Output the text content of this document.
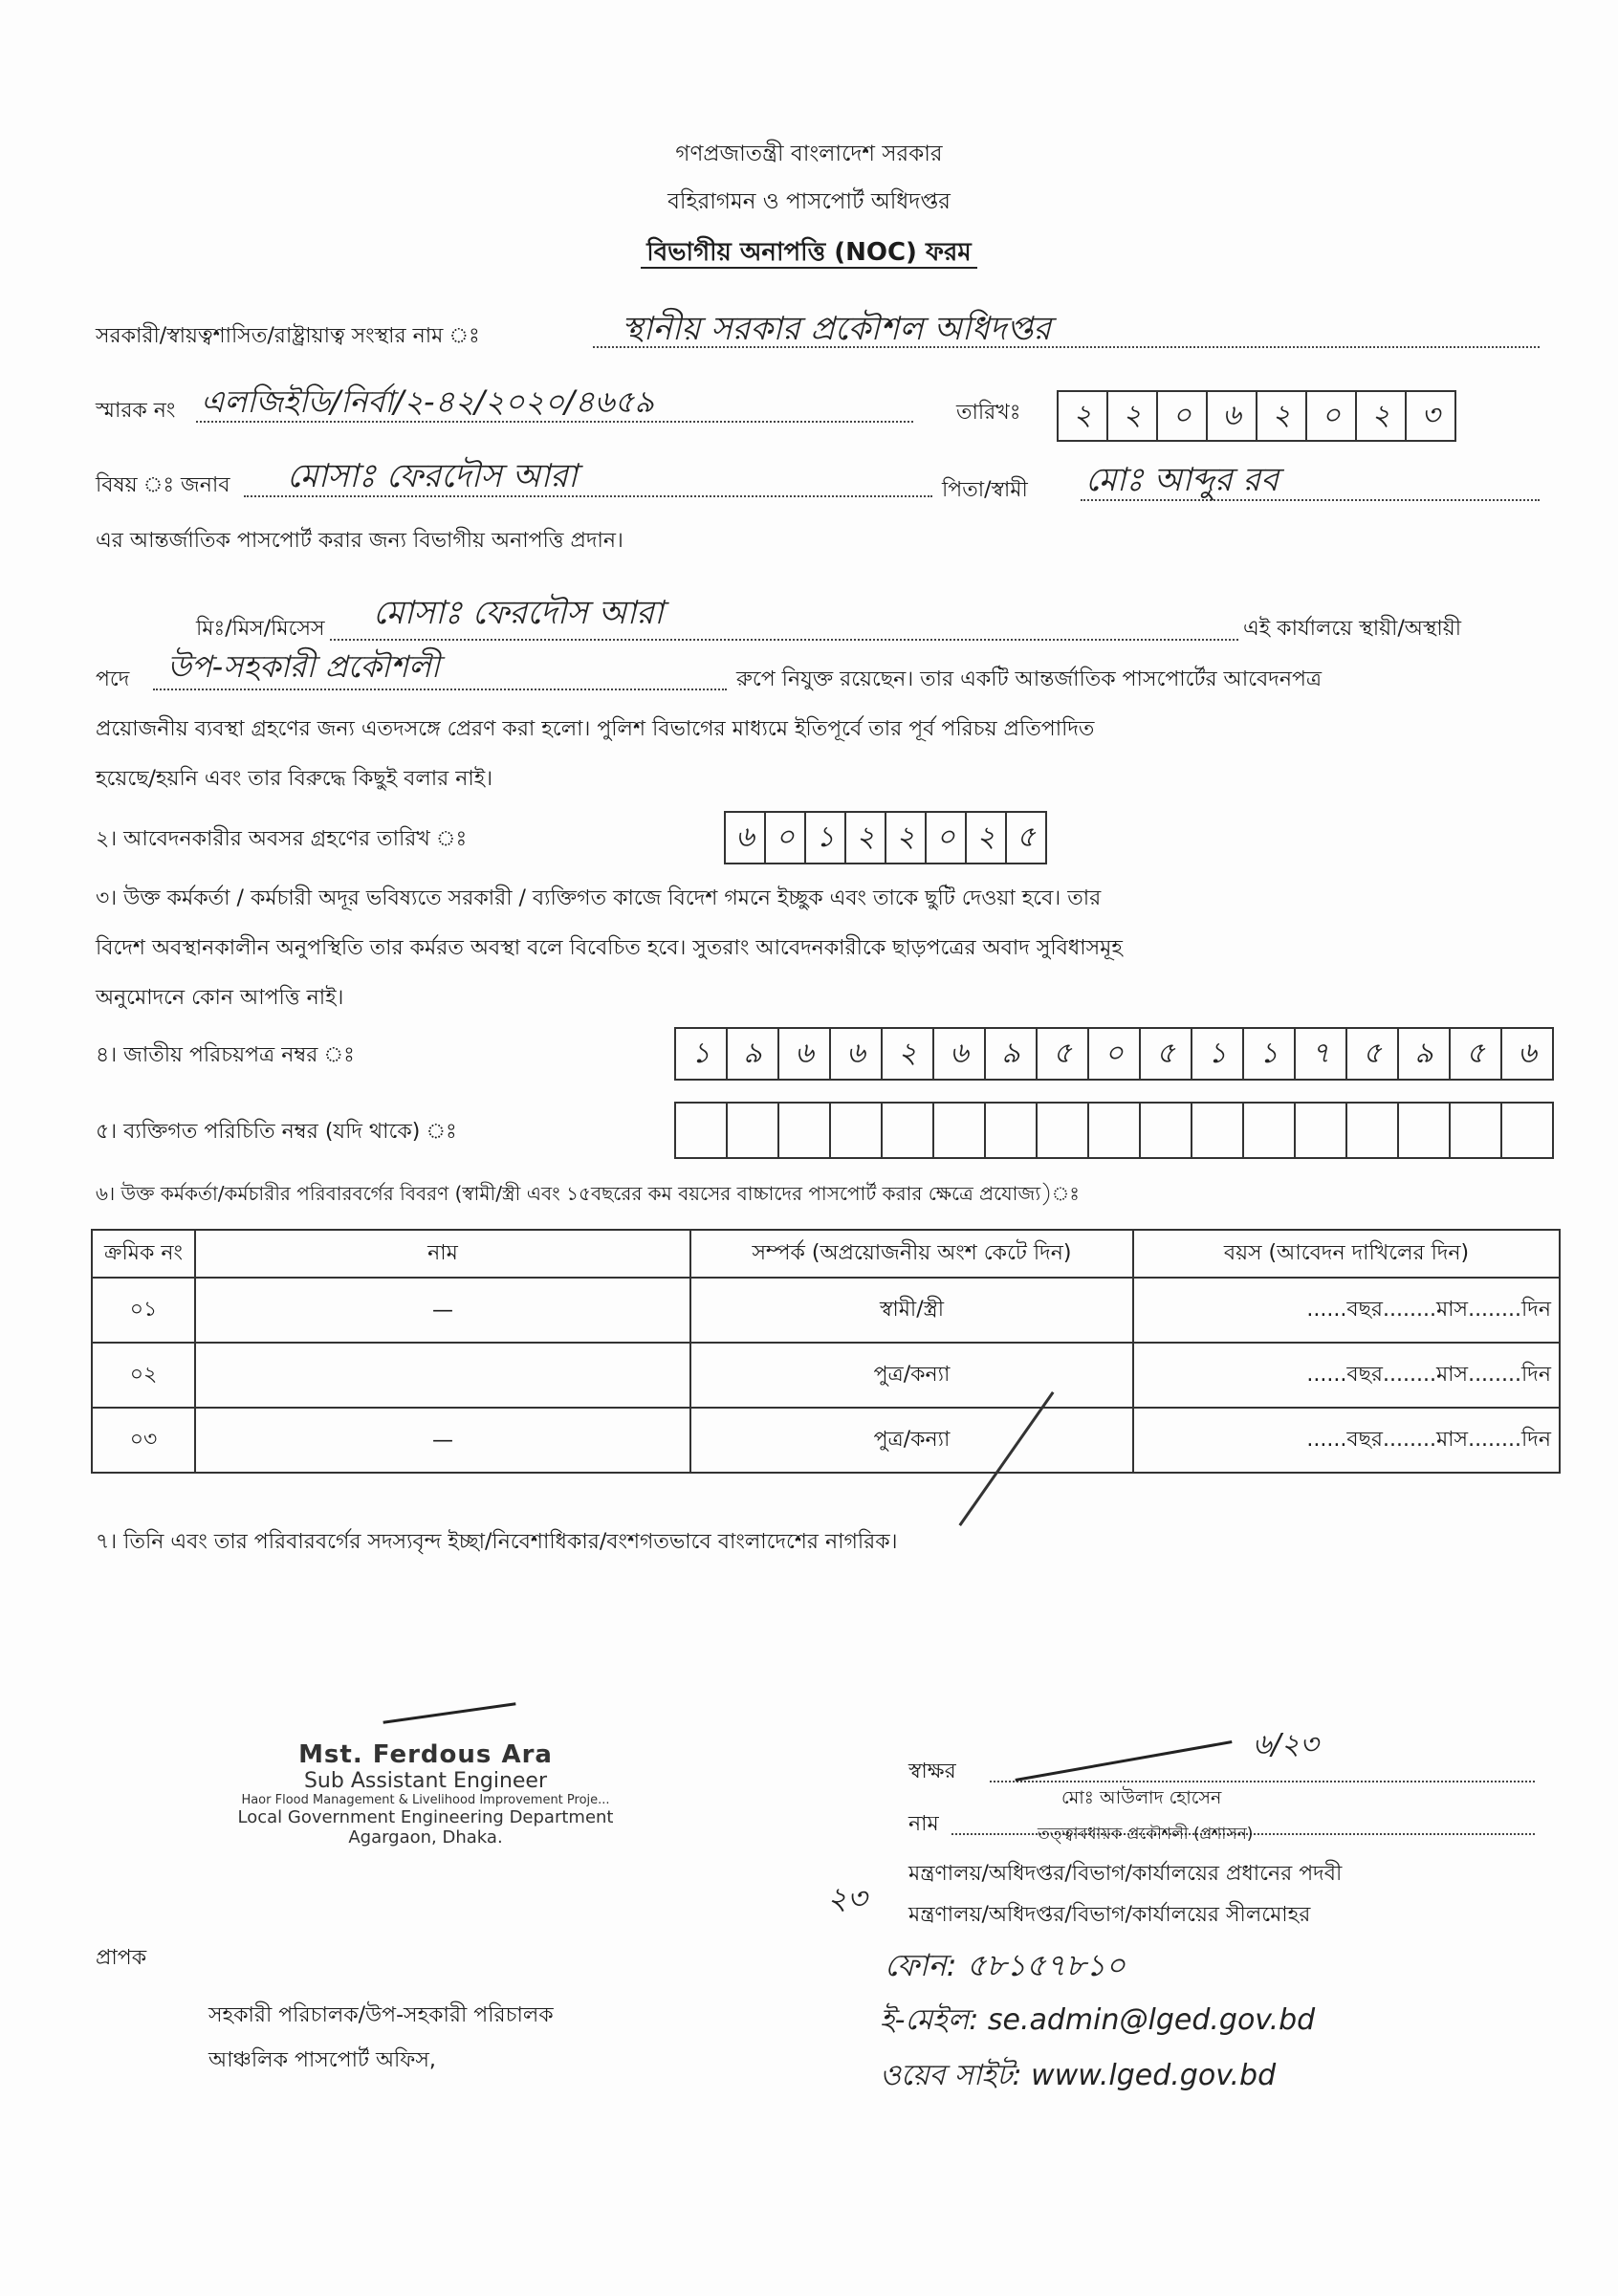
গণপ্রজাতন্ত্রী বাংলাদেশ সরকার
বহিরাগমন ও পাসপোর্ট অধিদপ্তর
বিভাগীয় অনাপত্তি (NOC) ফরম
সরকারী/স্বায়ত্বশাসিত/রাষ্ট্রায়াত্ব সংস্থার নাম ঃ	স্থানীয় সরকার প্রকৌশল অধিদপ্তর
স্মারক নং এলজিইডি/নির্বা/২-৪২/২০২০/৪৬৫৯	তারিখঃ	২	২	০	৬	২	০	২	৩
বিষয় ঃ জনাব মোসাঃ ফেরদৌস আরা	পিতা/স্বামী মোঃ আব্দুর রব
এর আন্তর্জাতিক পাসপোর্ট করার জন্য বিভাগীয় অনাপত্তি প্রদান।
মিঃ/মিস/মিসেস মোসাঃ ফেরদৌস আরা	এই কার্যালয়ে স্থায়ী/অস্থায়ী
পদে উপ-সহকারী প্রকৌশলী	রুপে নিযুক্ত রয়েছেন। তার একটি আন্তর্জাতিক পাসপোর্টের আবেদনপত্র
প্রয়োজনীয় ব্যবস্থা গ্রহণের জন্য এতদসঙ্গে প্রেরণ করা হলো। পুলিশ বিভাগের মাধ্যমে ইতিপূর্বে তার পূর্ব পরিচয় প্রতিপাদিত
হয়েছে/হয়নি এবং তার বিরুদ্ধে কিছুই বলার নাই।
২। আবেদনকারীর অবসর গ্রহণের তারিখ ঃ	৬ ০ ১ ২ ২ ০ ২ ৫
৩। উক্ত কর্মকর্তা / কর্মচারী অদূর ভবিষ্যতে সরকারী / ব্যক্তিগত কাজে বিদেশ গমনে ইচ্ছুক এবং তাকে ছুটি দেওয়া হবে। তার
বিদেশ অবস্থানকালীন অনুপস্থিতি তার কর্মরত অবস্থা বলে বিবেচিত হবে। সুতরাং আবেদনকারীকে ছাড়পত্রের অবাদ সুবিধাসমূহ
অনুমোদনে কোন আপত্তি নাই।
৪। জাতীয় পরিচয়পত্র নম্বর ঃ	১	৯	৬	৬	২	৬	৯	৫	০	৫	১	১	৭	৫	৯	৫	৬
৫। ব্যক্তিগত পরিচিতি নম্বর (যদি থাকে) ঃ
৬। উক্ত কর্মকর্তা/কর্মচারীর পরিবারবর্গের বিবরণ (স্বামী/স্ত্রী এবং ১৫বছরের কম বয়সের বাচ্চাদের পাসপোর্ট করার ক্ষেত্রে প্রযোজ্য)ঃ
ক্রমিক নং	নাম	সম্পর্ক (অপ্রয়োজনীয় অংশ কেটে দিন)	বয়স (আবেদন দাখিলের দিন)
০১	—	স্বামী/স্ত্রী	......বছর........মাস........দিন
০২		পুত্র/কন্যা	......বছর........মাস........দিন
০৩	—	পুত্র/কন্যা	......বছর........মাস........দিন
৭। তিনি এবং তার পরিবারবর্গের সদস্যবৃন্দ ইচ্ছা/নিবেশাধিকার/বংশগতভাবে বাংলাদেশের নাগরিক।
Mst. Ferdous Ara
Sub Assistant Engineer
Haor Flood Management & Livelihood Improvement Proje...
Local Government Engineering Department
Agargaon, Dhaka.
স্বাক্ষর
৬/২৩
নাম
মোঃ আউলাদ হোসেন
তত্ত্বাবধায়ক প্রকৌশলী (প্রশাসন)
মন্ত্রণালয়/অধিদপ্তর/বিভাগ/কার্যালয়ের প্রধানের পদবী
মন্ত্রণালয়/অধিদপ্তর/বিভাগ/কার্যালয়ের সীলমোহর
২৩
ফোন: ৫৮১৫৭৮১০
ই-মেইল: se.admin@lged.gov.bd
ওয়েব সাইট: www.lged.gov.bd
প্রাপক
সহকারী পরিচালক/উপ-সহকারী পরিচালক
আঞ্চলিক পাসপোর্ট অফিস,
